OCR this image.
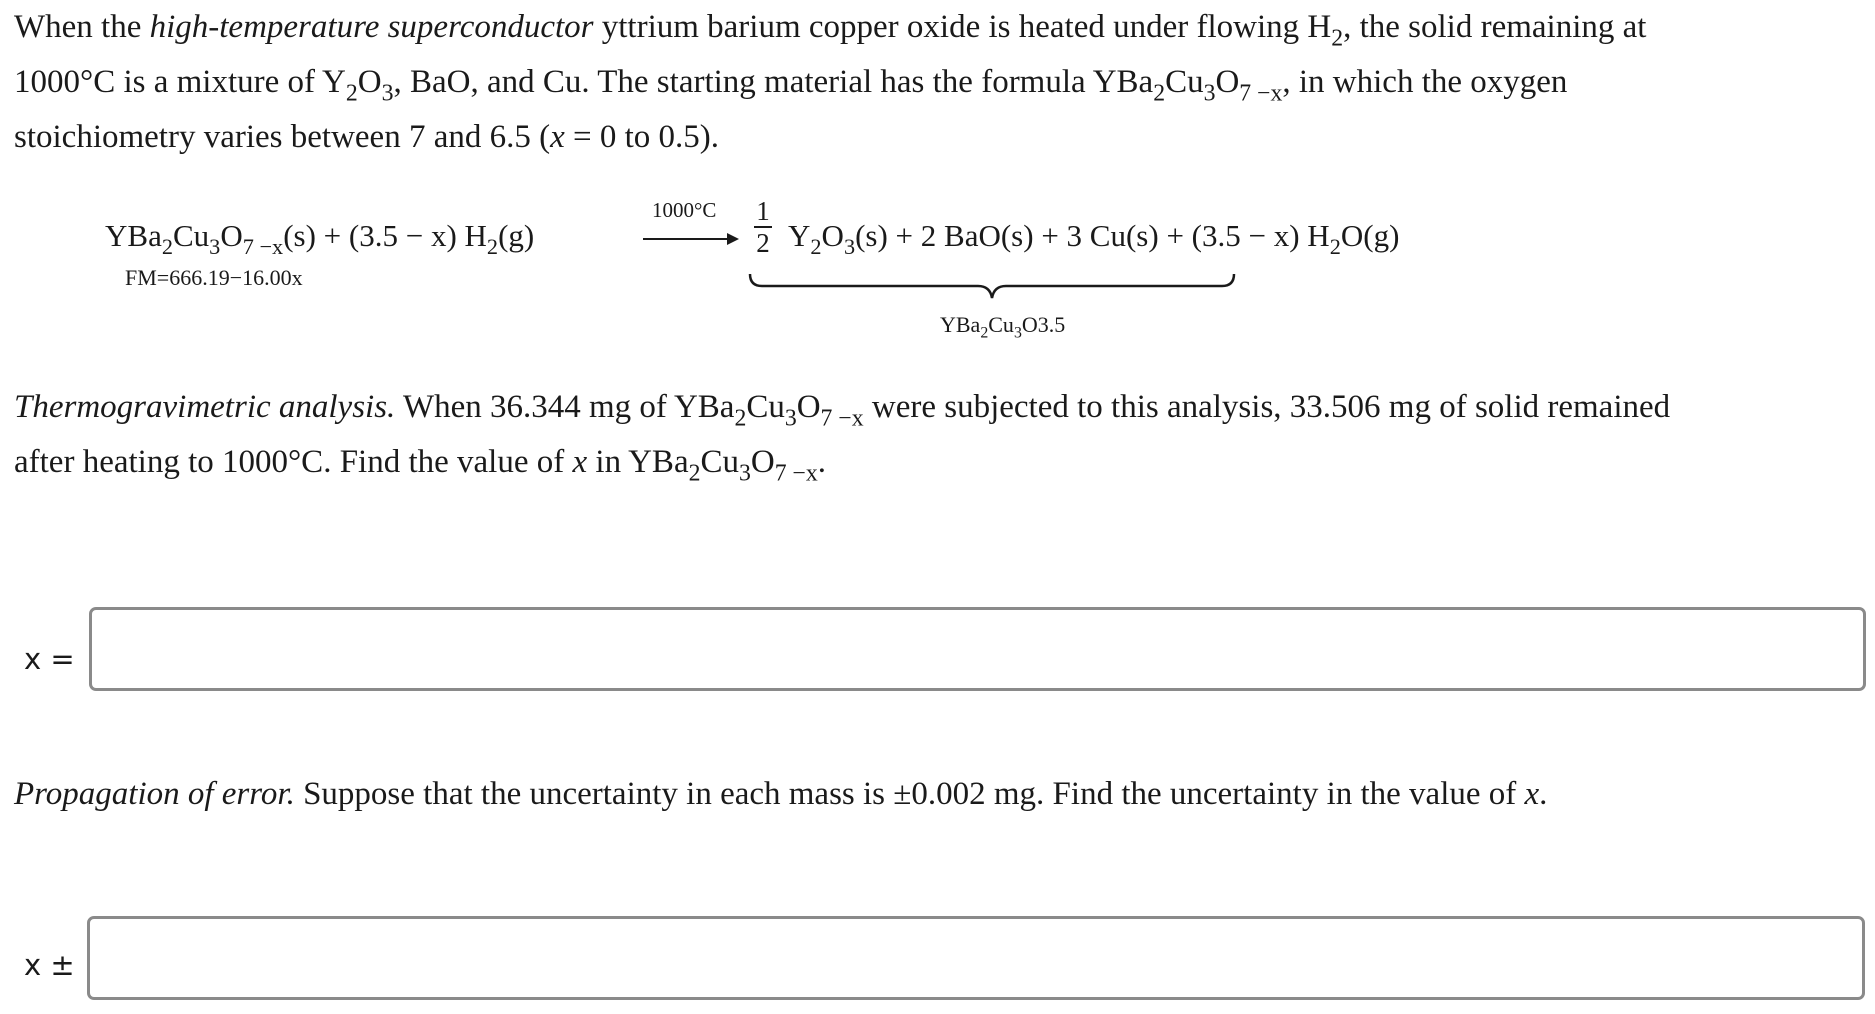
When the high-temperature superconductor yttrium barium copper oxide is heated under flowing $H_2$, the solid remaining at
1000°C is a mixture of $Y_2O_3$, BaO, and Cu. The starting material has the formula $YBa_2Cu_3O_{7 -x}$, in which the oxygen
stoichiometry varies between 7 and 6.5 (x = 0 to 0.5).
$YBa_2Cu_3O_{7 -x}(s) + (3.5 - x)$ $H_2(g)$
FM=666.19−16.00x
1000°C 1
2 $Y_2O_3(s) + 2$ BaO(s) + 3 Cu(s) + (3.5 − x) $H_2O(g)$
$YBa_2Cu_3O3.5$
Thermogravimetric analysis. When 36.344 mg of $YBa_2Cu_3O_{7 -x}$ were subjected to this analysis, 33.506 mg of solid remained
after heating to 1000°C. Find the value of x in $YBa_2Cu_3O_{7 -x}$.
x =
Propagation of error. Suppose that the uncertainty in each mass is ±0.002 mg. Find the uncertainty in the value of x.
x ±
